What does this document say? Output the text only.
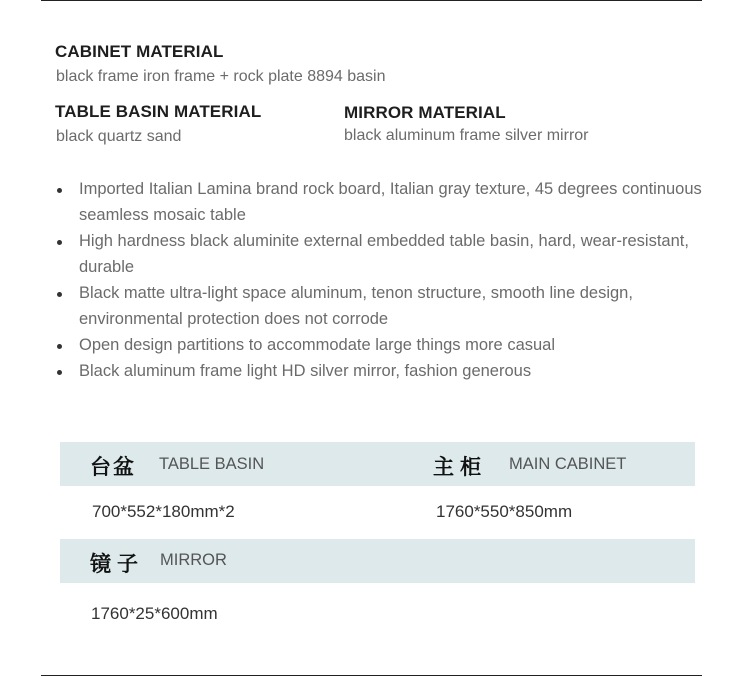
CABINET MATERIAL
black frame iron frame + rock plate 8894 basin
TABLE BASIN MATERIAL
black quartz sand
MIRROR MATERIAL
black aluminum frame silver mirror
Imported Italian Lamina brand rock board, Italian gray texture, 45 degrees continuous seamless mosaic table
High hardness black aluminite external embedded table basin, hard, wear-resistant, durable
Black matte ultra-light space aluminum, tenon structure, smooth line design, environmental protection does not corrode
Open design partitions to accommodate large things more casual
Black aluminum frame light HD silver mirror, fashion generous
台盆 TABLE BASIN	主柜 MAIN CABINET
700*552*180mm*2	1760*550*850mm
镜子 MIRROR
1760*25*600mm
